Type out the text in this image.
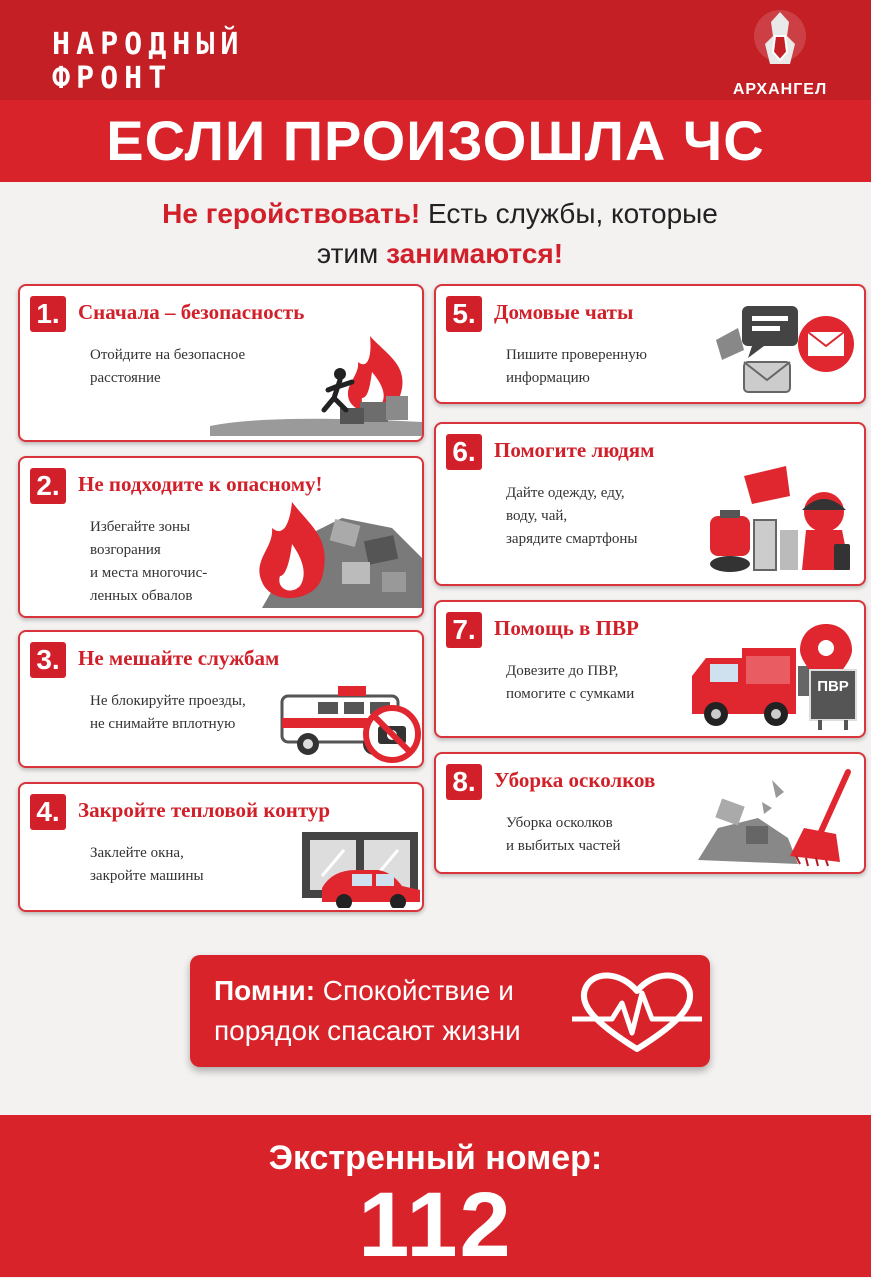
НАРОДНЫЙ
ФРОНТ	АРХАНГЕЛ
ЕСЛИ ПРОИЗОШЛА ЧС
Не геройствовать! Есть службы, которые
этим занимаются!
1. Сначала – безопасность
Отойдите на безопасное
расстояние
2. Не подходите к опасному!
Избегайте зоны
возгорания
и места многочис-
ленных обвалов
3. Не мешайте службам
Не блокируйте проезды,
не снимайте вплотную
4. Закройте тепловой контур
Заклейте окна,
закройте машины
5. Домовые чаты
Пишите проверенную
информацию
6. Помогите людям
Дайте одежду, еду,
воду, чай,
зарядите смартфоны
7. Помощь в ПВР
Довезите до ПВР,
помогите с сумками	ПВР
8. Уборка осколков
Уборка осколков
и выбитых частей
Помни: Спокойствие и
порядок спасают жизни
Экстренный номер:
112
